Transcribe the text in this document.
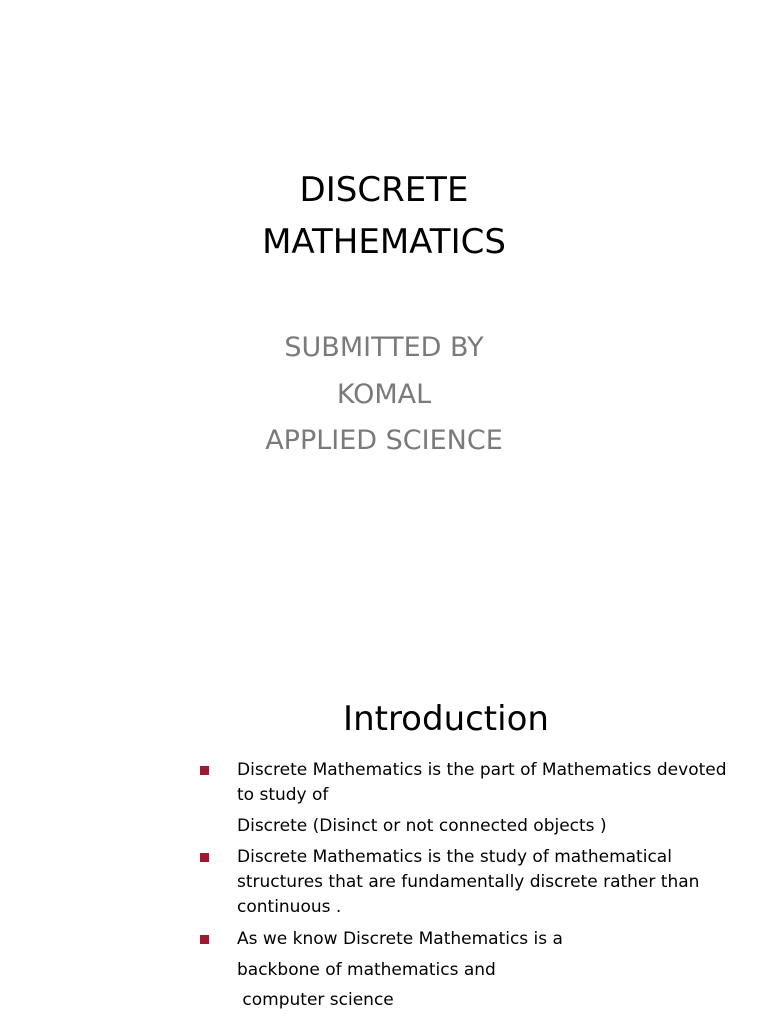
DISCRETE
MATHEMATICS
SUBMITTED BY
KOMAL
APPLIED SCIENCE
Introduction
Discrete Mathematics is the part of Mathematics devoted
to study of
Discrete (Disinct or not connected objects )
Discrete Mathematics is the study of mathematical
structures that are fundamentally discrete rather than
continuous .
As we know Discrete Mathematics is a
backbone of mathematics and
computer science
